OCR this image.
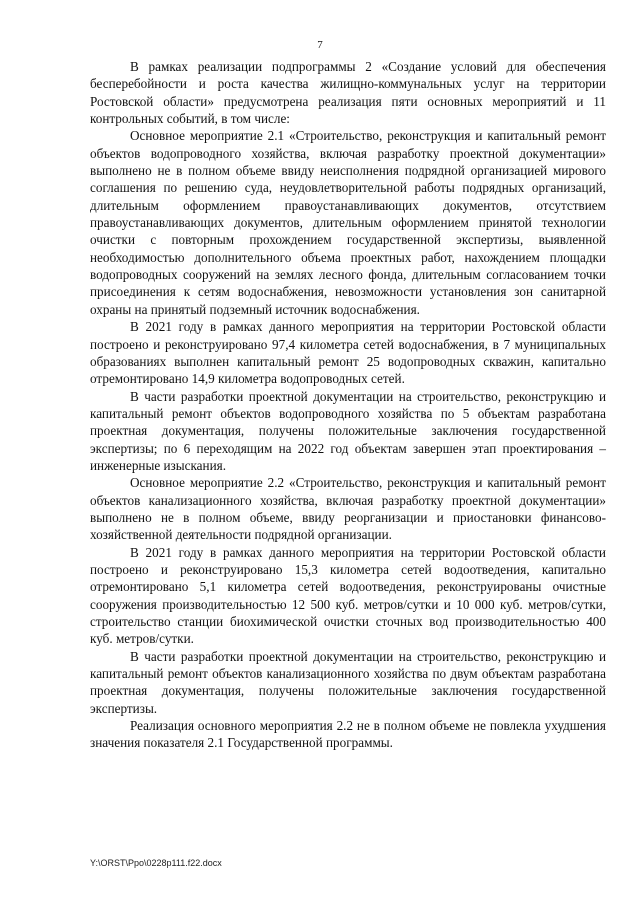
7

В рамках реализации подпрограммы 2 «Создание условий для обеспечения бесперебойности и роста качества жилищно-коммунальных услуг на территории Ростовской области» предусмотрена реализация пяти основных мероприятий и 11 контрольных событий, в том числе:

Основное мероприятие 2.1 «Строительство, реконструкция и капитальный ремонт объектов водопроводного хозяйства, включая разработку проектной документации» выполнено не в полном объеме ввиду неисполнения подрядной организацией мирового соглашения по решению суда, неудовлетворительной работы подрядных организаций, длительным оформлением правоустанавливающих документов, отсутствием правоустанавливающих документов, длительным оформлением принятой технологии очистки с повторным прохождением государственной экспертизы, выявленной необходимостью дополнительного объема проектных работ, нахождением площадки водопроводных сооружений на землях лесного фонда, длительным согласованием точки присоединения к сетям водоснабжения, невозможности установления зон санитарной охраны на принятый подземный источник водоснабжения.

В 2021 году в рамках данного мероприятия на территории Ростовской области построено и реконструировано 97,4 километра сетей водоснабжения, в 7 муниципальных образованиях выполнен капитальный ремонт 25 водопроводных скважин, капитально отремонтировано 14,9 километра водопроводных сетей.

В части разработки проектной документации на строительство, реконструкцию и капитальный ремонт объектов водопроводного хозяйства по 5 объектам разработана проектная документация, получены положительные заключения государственной экспертизы; по 6 переходящим на 2022 год объектам завершен этап проектирования – инженерные изыскания.

Основное мероприятие 2.2 «Строительство, реконструкция и капитальный ремонт объектов канализационного хозяйства, включая разработку проектной документации» выполнено не в полном объеме, ввиду реорганизации и приостановки финансово-хозяйственной деятельности подрядной организации.

В 2021 году в рамках данного мероприятия на территории Ростовской области построено и реконструировано 15,3 километра сетей водоотведения, капитально отремонтировано 5,1 километра сетей водоотведения, реконструированы очистные сооружения производительностью 12 500 куб. метров/сутки и 10 000 куб. метров/сутки, строительство станции биохимической очистки сточных вод производительностью 400 куб. метров/сутки.

В части разработки проектной документации на строительство, реконструкцию и капитальный ремонт объектов канализационного хозяйства по двум объектам разработана проектная документация, получены положительные заключения государственной экспертизы.

Реализация основного мероприятия 2.2 не в полном объеме не повлекла ухудшения значения показателя 2.1 Государственной программы.

Y:\ORST\Ppo\0228p111.f22.docx
